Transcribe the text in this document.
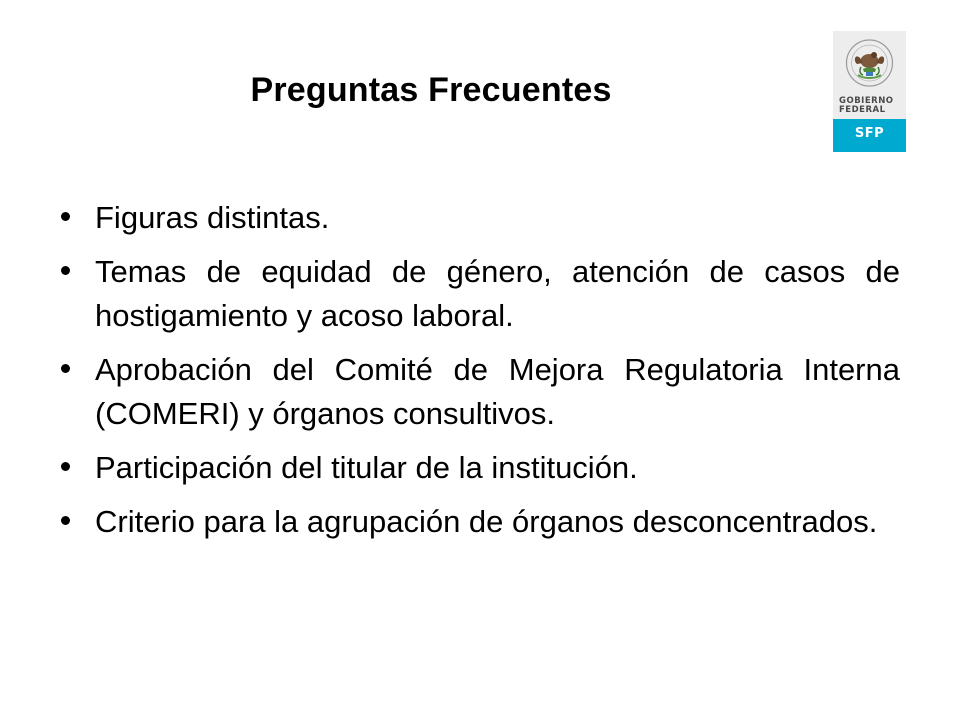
Preguntas Frecuentes	GOBIERNO
FEDERAL
SFP
Figuras distintas.
Temas de equidad de género, atención de casos de hostigamiento y acoso laboral.
Aprobación del Comité de Mejora Regulatoria Interna (COMERI) y órganos consultivos.
Participación del titular de la institución.
Criterio para la agrupación de órganos desconcentrados.
